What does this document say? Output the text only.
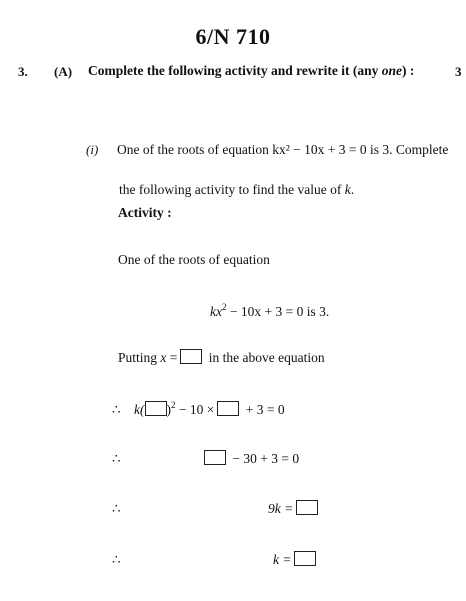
6/N 710
3. (A) Complete the following activity and rewrite it (any one) :	3
(i) One of the roots of equation kx² − 10x + 3 = 0 is 3. Complete
the following activity to find the value of k.
Activity :
One of the roots of equation
$kx^2 - 10x + 3 = 0$ is 3.
Putting x = in the above equation
∴ k( )$^2$ − 10 × + 3 = 0
∴	− 30 + 3 = 0
∴	9k =
∴	k =
